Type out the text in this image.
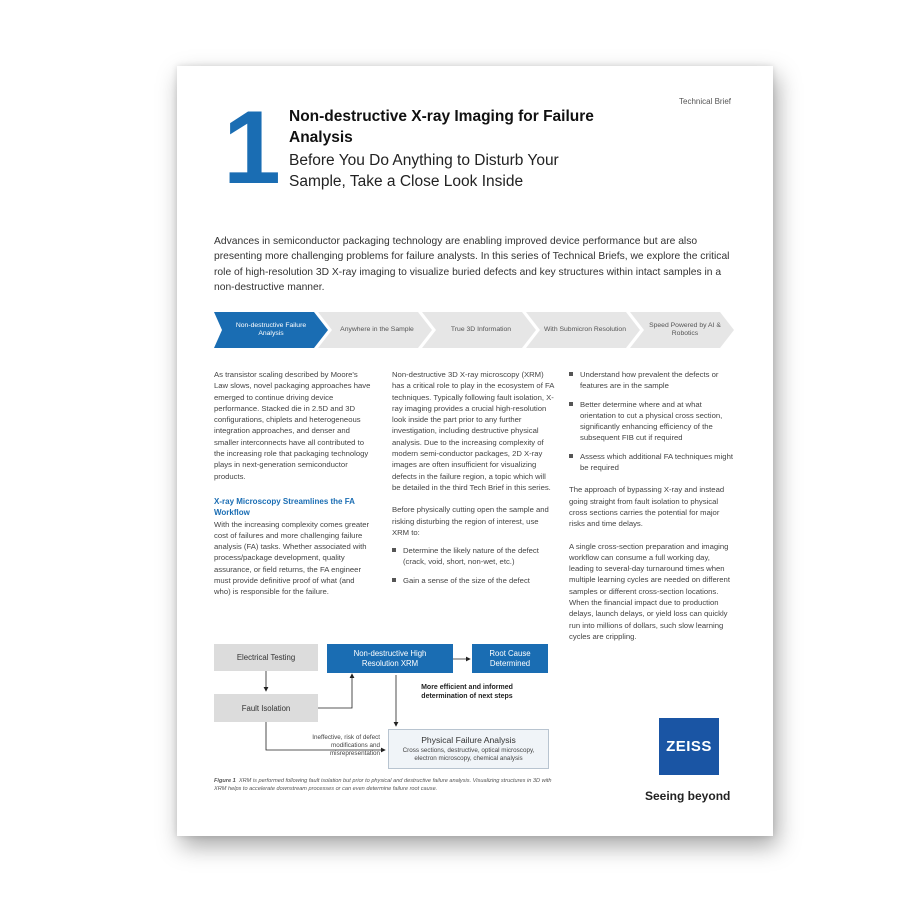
Technical Brief
1 Non-destructive X-ray Imaging for Failure Analysis
Before You Do Anything to Disturb Your Sample, Take a Close Look Inside
Advances in semiconductor packaging technology are enabling improved device performance but are also presenting more challenging problems for failure analysts. In this series of Technical Briefs, we explore the critical role of high-resolution 3D X-ray imaging to visualize buried defects and key structures within intact samples in a non-destructive manner.
Non-destructive Failure Analysis
Anywhere in the Sample	True 3D Information	With Submicron Resolution
Speed Powered by AI & Robotics

As transistor scaling described by Moore's Law slows, novel packaging approaches have emerged to continue driving device performance. Stacked die in 2.5D and 3D configurations, chiplets and heterogeneous integration approaches, and denser and smaller interconnects have all contributed to the increasing role that packaging technology plays in next-generation semiconductor products.

X-ray Microscopy Streamlines the FA Workflow

With the increasing complexity comes greater cost of failures and more challenging failure analysis (FA) tasks. Whether associated with process/package development, quality assurance, or field returns, the FA engineer must provide definitive proof of what (and who) is responsible for the failure.

Non-destructive 3D X-ray microscopy (XRM) has a critical role to play in the ecosystem of FA techniques. Typically following fault isolation, X-ray imaging provides a crucial high-resolution look inside the part prior to any further investigation, including destructive physical analysis. Due to the increasing complexity of modern semi-conductor packages, 2D X-ray images are often insufficient for visualizing defects in the failure region, a topic which will be detailed in the third Tech Brief in this series.

Before physically cutting open the sample and risking disturbing the region of interest, use XRM to:

Determine the likely nature of the defect (crack, void, short, non-wet, etc.)
Gain a sense of the size of the defect
Understand how prevalent the defects or features are in the sample
Better determine where and at what orientation to cut a physical cross section, significantly enhancing efficiency of the subsequent FIB cut if required
Assess which additional FA techniques might be required

The approach of bypassing X-ray and instead going straight from fault isolation to physical cross sections carries the potential for major risks and time delays.

A single cross-section preparation and imaging workflow can consume a full working day, leading to several-day turnaround times when multiple learning cycles are needed on different samples or different cross-section locations. When the financial impact due to production delays, launch delays, or yield loss can quickly run into millions of dollars, such slow learning cycles are crippling.

Electrical Testing
Fault Isolation
Non-destructive High Resolution XRM
Root Cause Determined
More efficient and informed determination of next steps
Ineffective, risk of defect modifications and misrepresentation
Physical Failure Analysis
Cross sections, destructive, optical microscopy, electron microscopy, chemical analysis
Figure 1 XRM is performed following fault isolation but prior to physical and destructive failure analysis. Visualizing structures in 3D with XRM helps to accelerate downstream processes or can even determine failure root cause.
ZEISS
Seeing beyond
